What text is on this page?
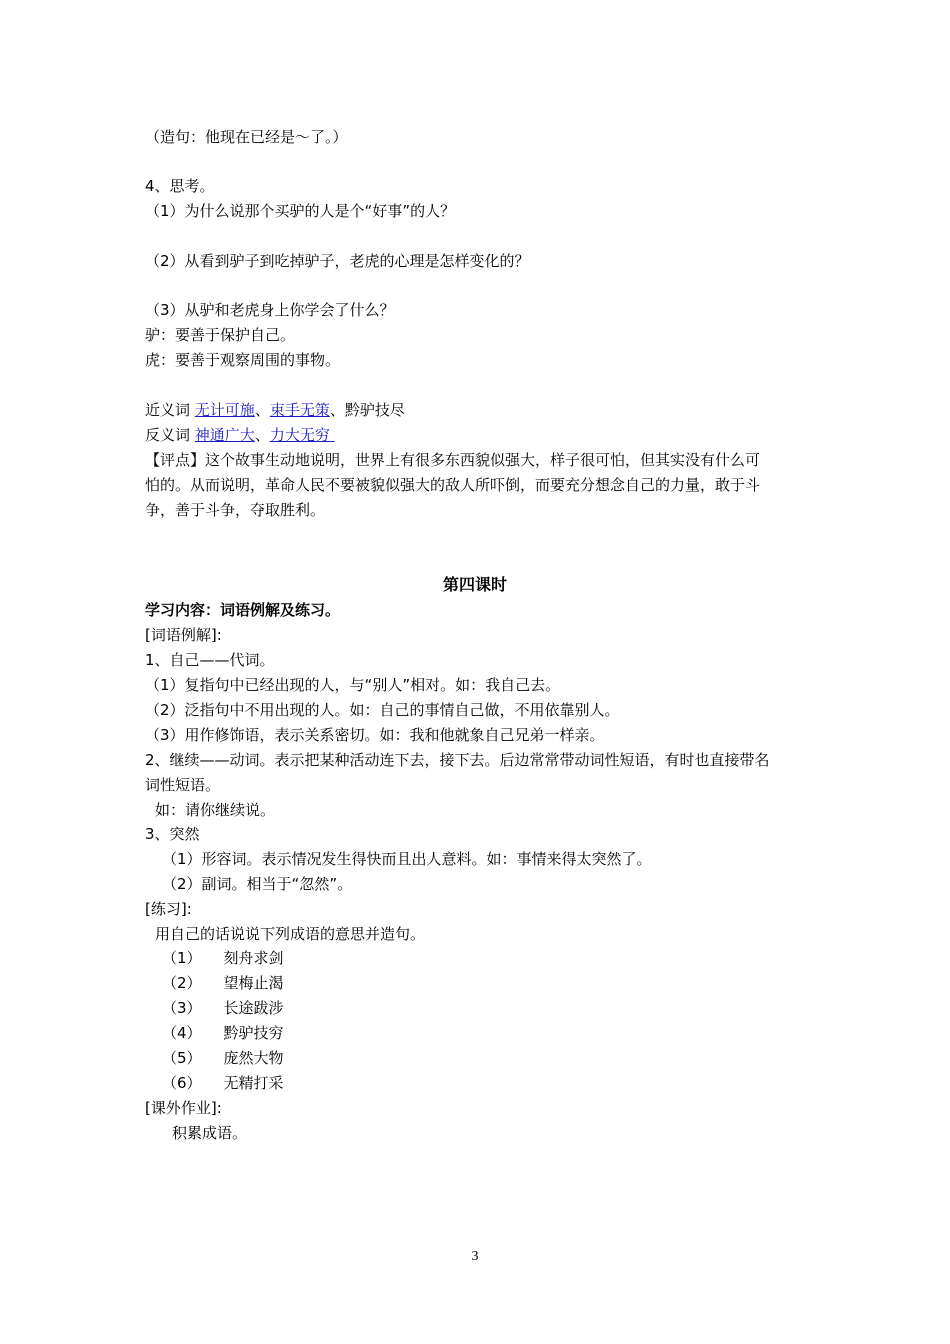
（造句：他现在已经是～了。）
4、思考。
（1）为什么说那个买驴的人是个“好事”的人？
（2）从看到驴子到吃掉驴子，老虎的心理是怎样变化的？
（3）从驴和老虎身上你学会了什么？
驴：要善于保护自己。
虎：要善于观察周围的事物。
近义词 无计可施、束手无策、黔驴技尽
反义词 神通广大、力大无穷
【评点】这个故事生动地说明，世界上有很多东西貌似强大，样子很可怕，但其实没有什么可
怕的。从而说明，革命人民不要被貌似强大的敌人所吓倒，而要充分想念自己的力量，敢于斗
争，善于斗争，夺取胜利。
第四课时
学习内容：词语例解及练习。
[词语例解]:
1、自己——代词。
（1）复指句中已经出现的人，与“别人”相对。如：我自己去。
（2）泛指句中不用出现的人。如：自己的事情自己做，不用依靠别人。
（3）用作修饰语，表示关系密切。如：我和他就象自己兄弟一样亲。
2、继续——动词。表示把某种活动连下去，接下去。后边常常带动词性短语，有时也直接带名
词性短语。
如：请你继续说。
3、突然
（1）形容词。表示情况发生得快而且出人意料。如：事情来得太突然了。
（2）副词。相当于“忽然”。
[练习]:
用自己的话说说下列成语的意思并造句。
（1） 刻舟求剑
（2） 望梅止渴
（3） 长途跋涉
（4） 黔驴技穷
（5） 庞然大物
（6） 无精打采
[课外作业]:
积累成语。
3
